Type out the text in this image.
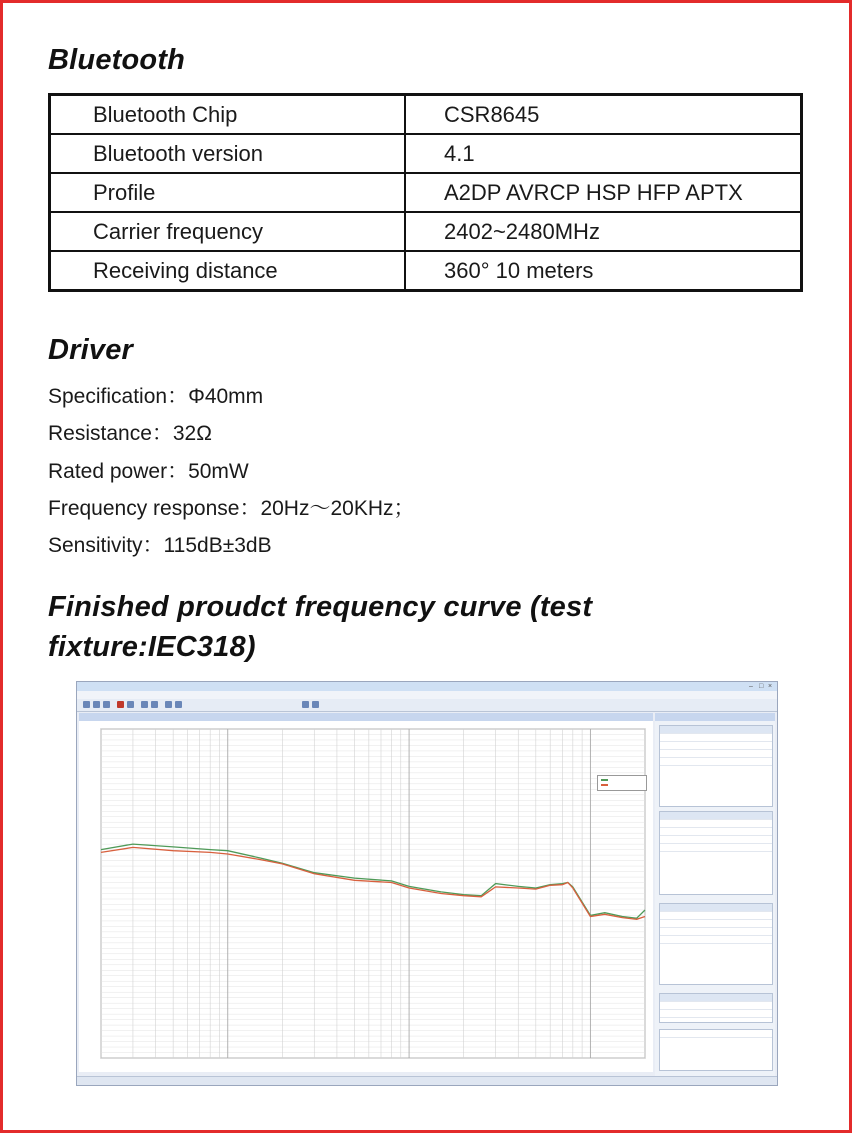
Bluetooth
Bluetooth Chip	CSR8645
Bluetooth version	4.1
Profile	A2DP AVRCP HSP HFP APTX
Carrier frequency	2402~2480MHz
Receiving distance	360° 10 meters
Driver
Specification：Φ40mm
Resistance：32Ω
Rated power：50mW
Frequency response：20Hz～20KHz；
Sensitivity：115dB±3dB
Finished proudct frequency curve (test
fixture:IEC318)
– □ ×
